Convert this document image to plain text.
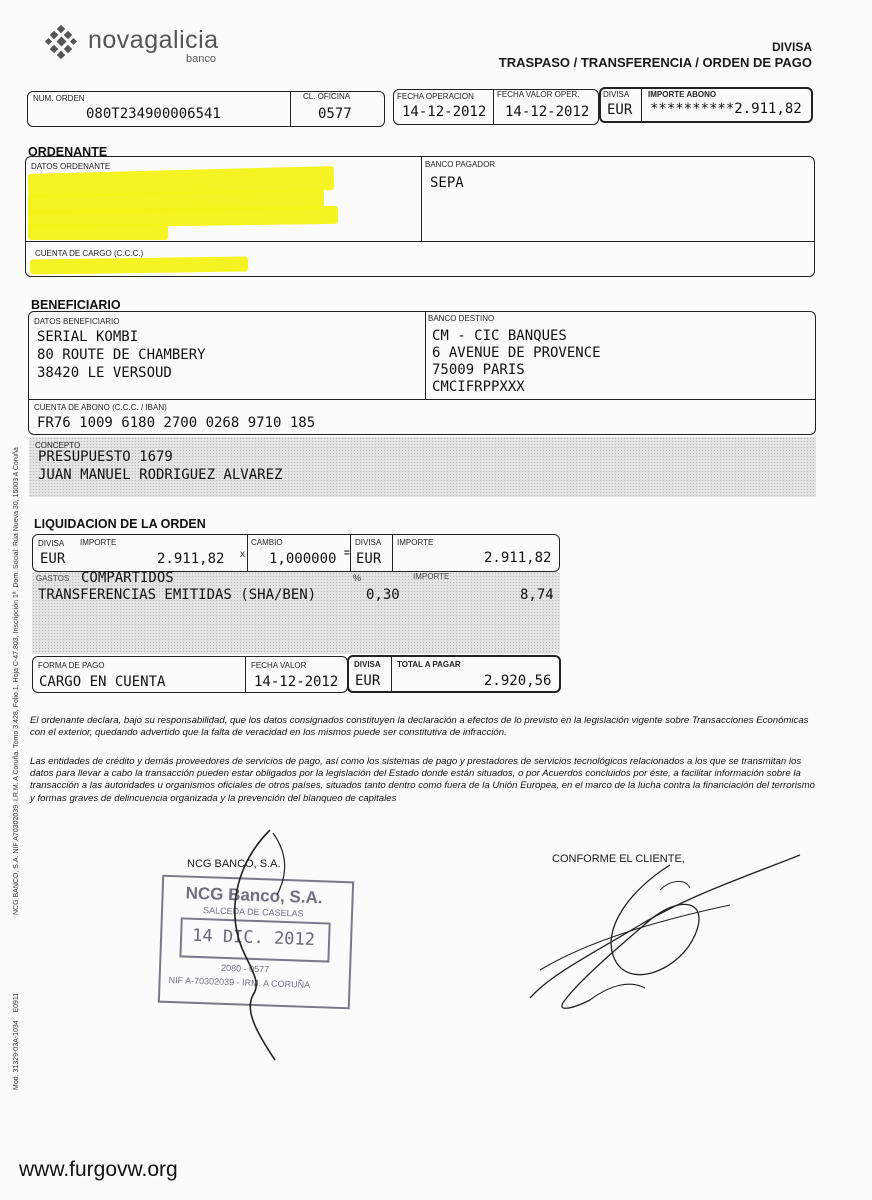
novagalicia
banco
DIVISA
TRASPASO / TRANSFERENCIA / ORDEN DE PAGO
NUM. ORDEN
080T234900006541
CL. OFICINA
0577
FECHA OPERACION
14-12-2012
FECHA VALOR OPER.
14-12-2012
DIVISA
EUR
IMPORTE ABONO
**********2.911,82
ORDENANTE
DATOS ORDENANTE	BANCO PAGADOR
SEPA
CUENTA DE CARGO (C.C.C.)
BENEFICIARIO
DATOS BENEFICIARIO
SERIAL KOMBI
80 ROUTE DE CHAMBERY
38420 LE VERSOUD
BANCO DESTINO
CM - CIC BANQUES
6 AVENUE DE PROVENCE
75009 PARIS
CMCIFRPPXXX
CUENTA DE ABONO (C.C.C. / IBAN)
FR76 1009 6180 2700 0268 9710 185
CONCEPTO
PRESUPUESTO 1679
JUAN MANUEL RODRIGUEZ ALVAREZ
LIQUIDACION DE LA ORDEN
DIVISA IMPORTE
EUR	2.911,82 x
CAMBIO
1,000000 =
DIVISA
EUR
IMPORTE
2.911,82
GASTOS COMPARTIDOS
TRANSFERENCIAS EMITIDAS (SHA/BEN)
%
0,30
IMPORTE
8,74
FORMA DE PAGO
CARGO EN CUENTA
FECHA VALOR
14-12-2012
DIVISA
EUR
TOTAL A PAGAR
2.920,56
El ordenante declara, bajo su responsabilidad, que los datos consignados constituyen la declaración a efectos de lo previsto en la legislación vigente sobre Transacciones Económicas con el exterior, quedando advertido que la falta de veracidad en los mismos puede ser constitutiva de infracción.
Las entidades de crédito y demás proveedores de servicios de pago, así como los sistemas de pago y prestadores de servicios tecnológicos relacionados a los que se transmitan los datos para llevar a cabo la transacción pueden estar obligados por la legislación del Estado donde están situados, o por Acuerdos concluidos por éste, a facilitar información sobre la transacción a las autoridades u organismos oficiales de otros países, situados tanto dentro como fuera de la Unión Europea, en el marco de la lucha contra la financiación del terrorismo y formas graves de delincuencia organizada y la prevención del blanqueo de capitales
NCG BANCO, S.A.	CONFORME EL CLIENTE,
NCG Banco, S.A.
SALCEDA DE CASELAS
14 DIC. 2012
2080 - 0577
NIF A-70302039 - IRM. A CORUÑA
NCG BANCO, S.A. NIF A70302039. I.R.M. A Coruña. Tomo 3.428, Folio 1, Hoja C-47.803, Inscripción 1ª. Dom. Social: Rúa Nueva 30, 15003 A Coruña
Mod. 31329-03A-1034    E0911
www.furgovw.org
